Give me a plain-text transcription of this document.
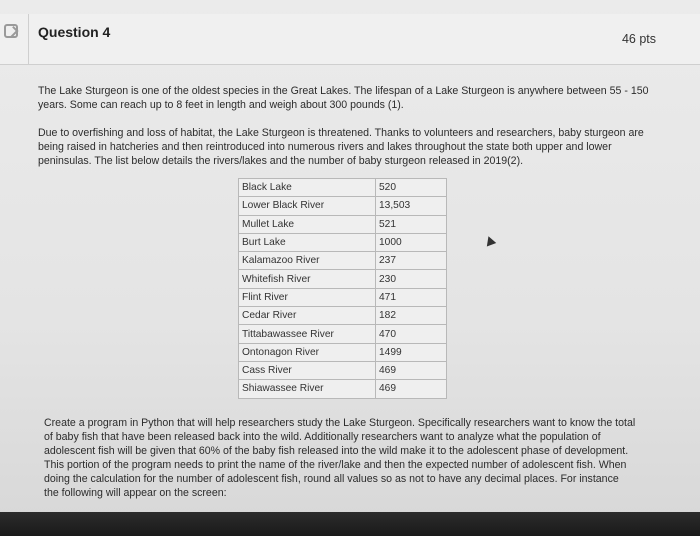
Question 4	46 pts
The Lake Sturgeon is one of the oldest species in the Great Lakes. The lifespan of a Lake Sturgeon is anywhere between 55 - 150 years. Some can reach up to 8 feet in length and weigh about 300 pounds (1).
Due to overfishing and loss of habitat, the Lake Sturgeon is threatened. Thanks to volunteers and researchers, baby sturgeon are being raised in hatcheries and then reintroduced into numerous rivers and lakes throughout the state both upper and lower peninsulas. The list below details the rivers/lakes and the number of baby sturgeon released in 2019(2).
Black Lake	520
Lower Black River	13,503
Mullet Lake	521
Burt Lake	1000
Kalamazoo River	237
Whitefish River	230
Flint River	471
Cedar River	182
Tittabawassee River	470
Ontonagon River	1499
Cass River	469
Shiawassee River	469
Create a program in Python that will help researchers study the Lake Sturgeon. Specifically researchers want to know the total of baby fish that have been released back into the wild. Additionally researchers want to analyze what the population of adolescent fish will be given that 60% of the baby fish released into the wild make it to the adolescent phase of development. This portion of the program needs to print the name of the river/lake and then the expected number of adolescent fish. When doing the calculation for the number of adolescent fish, round all values so as not to have any decimal places. For instance the following will appear on the screen:
